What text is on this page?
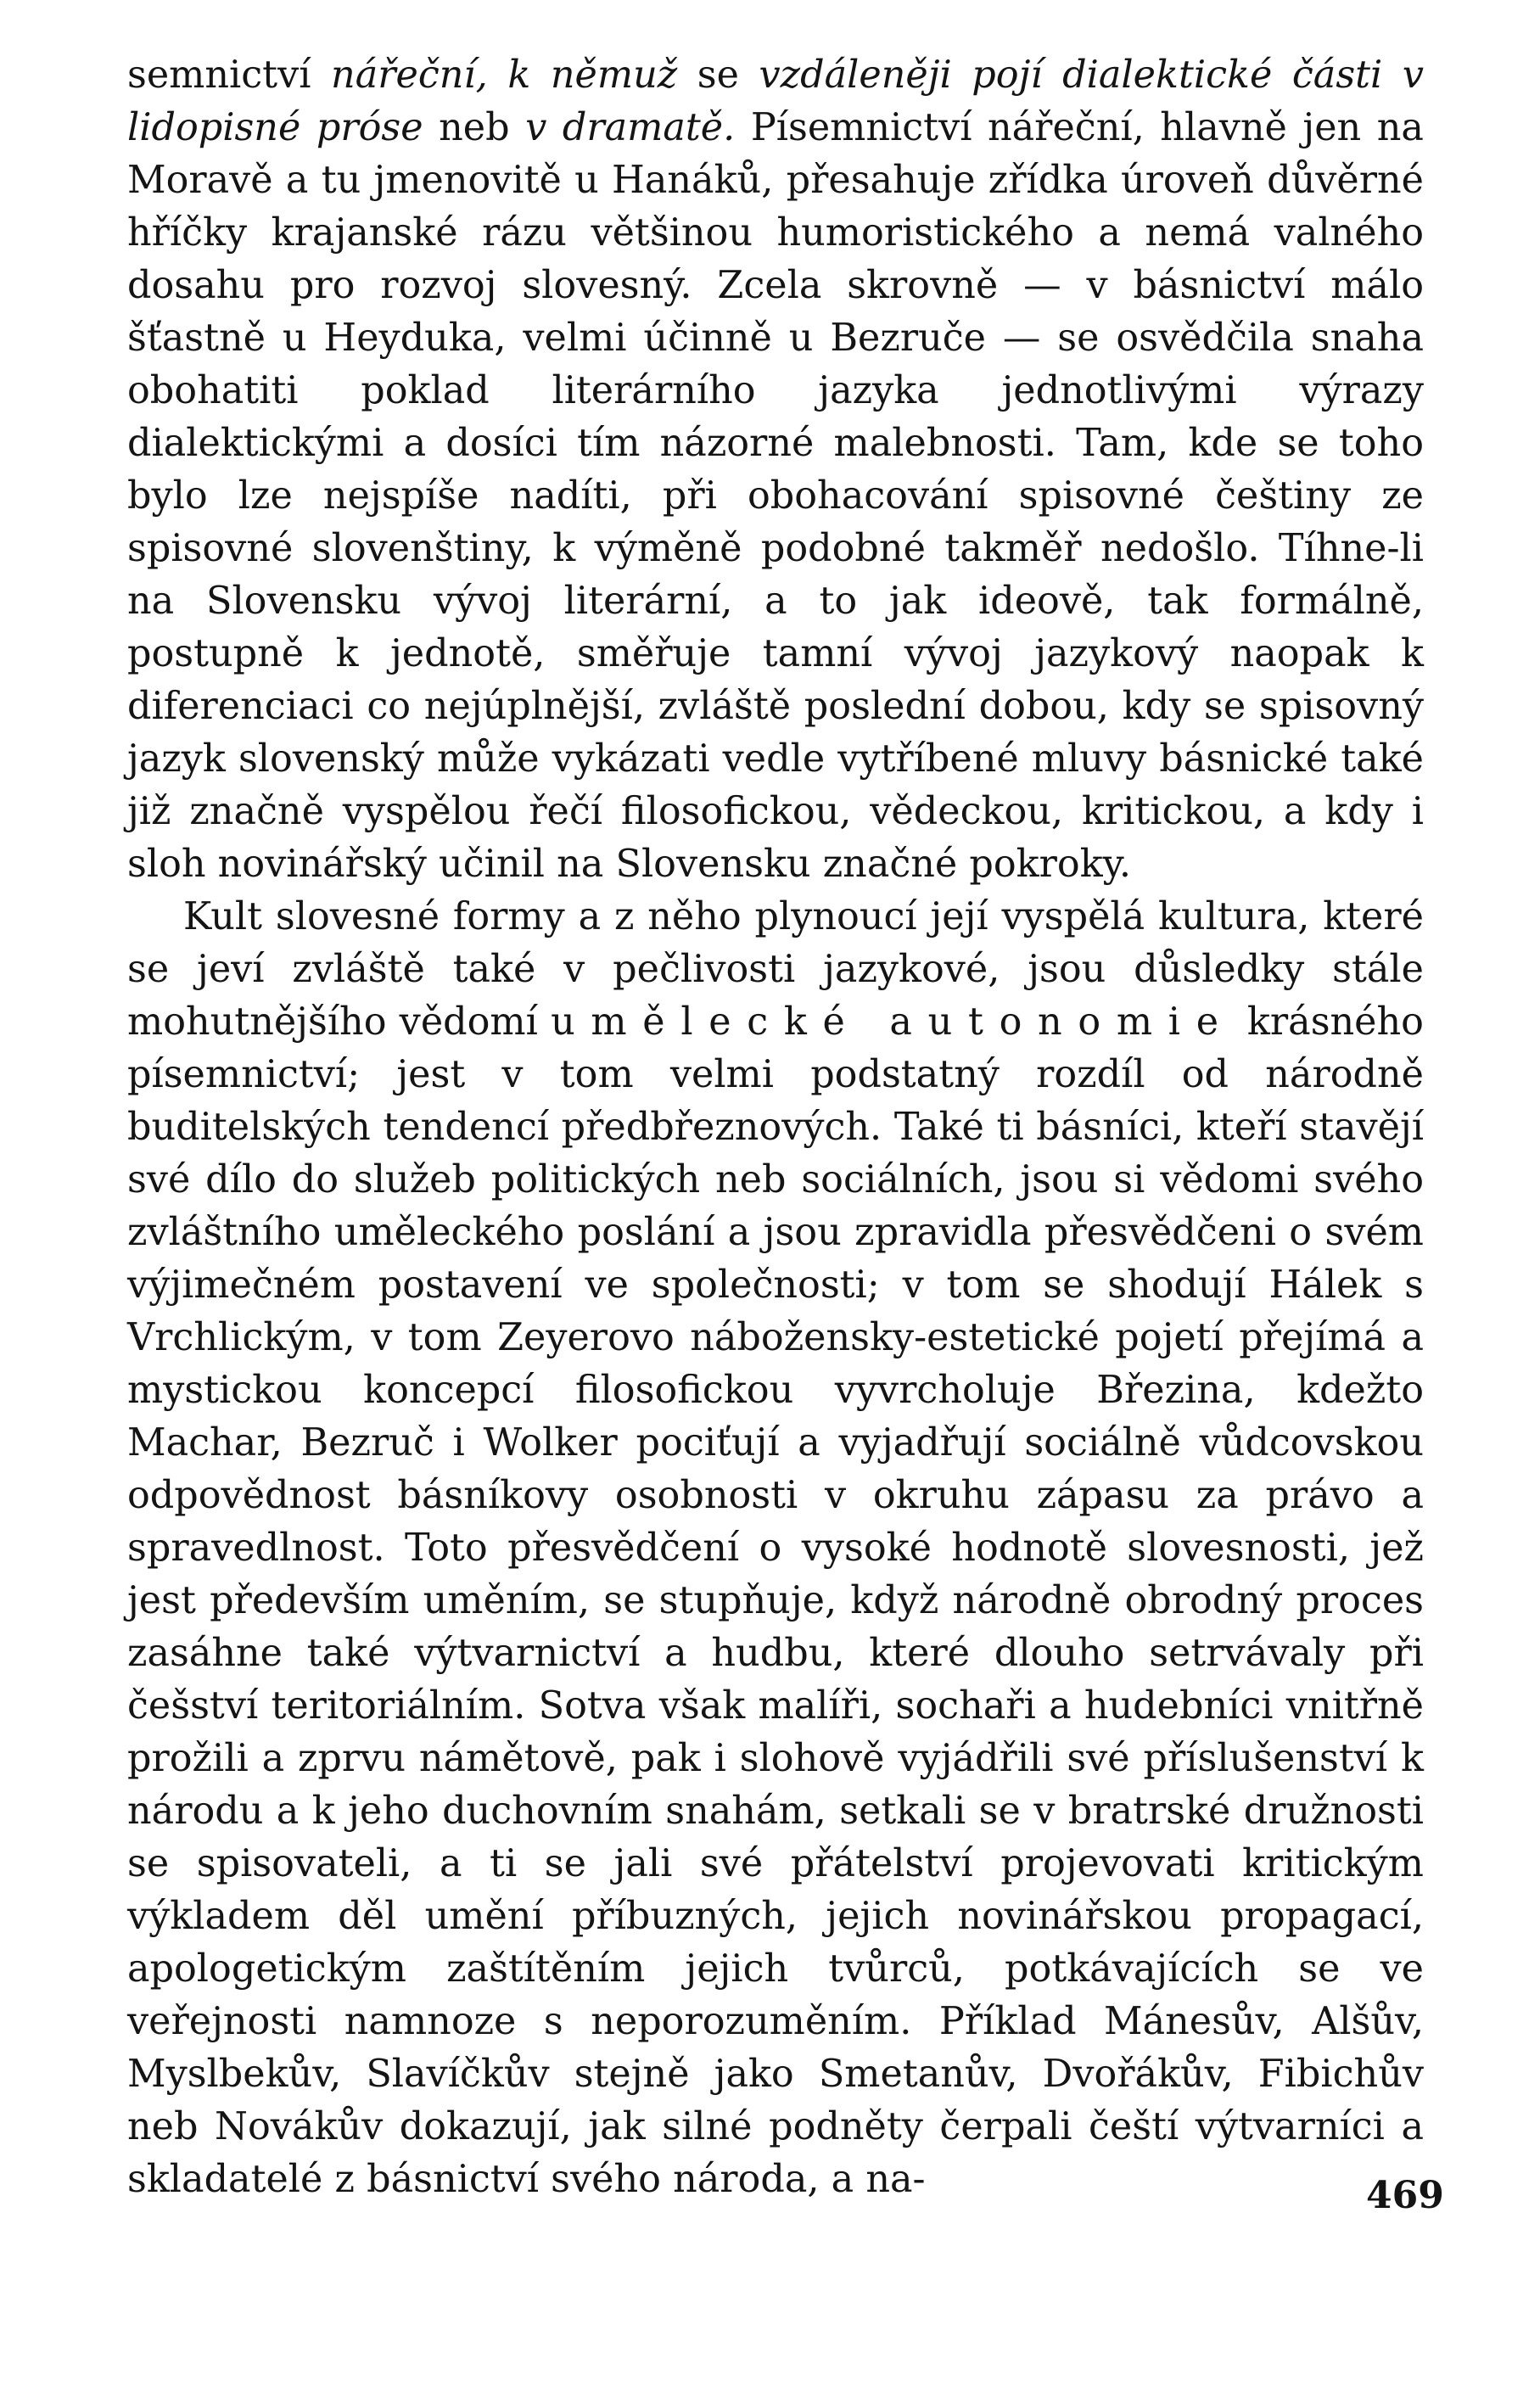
semnictví nářeční, k němuž se vzdáleněji pojí dialektické části v lidopisné próse neb v dramatě. Písemnictví nářeční, hlavně jen na Moravě a tu jmenovitě u Hanáků, přesahuje zřídka úroveň důvěrné hříčky krajanské rázu většinou humoristického a nemá valného dosahu pro rozvoj slovesný. Zcela skrovně — v básnictví málo šťastně u Heyduka, velmi účinně u Bezruče — se osvědčila snaha obohatiti poklad literárního jazyka jednotlivými výrazy dialektickými a dosíci tím názorné malebnosti. Tam, kde se toho bylo lze nejspíše nadíti, při obohacování spisovné češtiny ze spisovné slovenštiny, k výměně podobné takměř nedošlo. Tíhne-li na Slovensku vývoj literární, a to jak ideově, tak formálně, postupně k jednotě, směřuje tamní vývoj jazykový naopak k diferenciaci co nejúplnější, zvláště poslední dobou, kdy se spisovný jazyk slovenský může vykázati vedle vytříbené mluvy básnické také již značně vyspělou řečí filosofickou, vědeckou, kritickou, a kdy i sloh novinářský učinil na Slovensku značné pokroky.

Kult slovesné formy a z něho plynoucí její vyspělá kultura, které se jeví zvláště také v pečlivosti jazykové, jsou důsledky stále mohutnějšího vědomí umělecké autonomie krásného písemnictví; jest v tom velmi podstatný rozdíl od národně buditelských tendencí předbřeznových. Také ti básníci, kteří stavějí své dílo do služeb politických neb sociálních, jsou si vědomi svého zvláštního uměleckého poslání a jsou zpravidla přesvědčeni o svém výjimečném postavení ve společnosti; v tom se shodují Hálek s Vrchlickým, v tom Zeyerovo nábožensky-estetické pojetí přejímá a mystickou koncepcí filosofickou vyvrcholuje Březina, kdežto Machar, Bezruč i Wolker pociťují a vyjadřují sociálně vůdcovskou odpovědnost básníkovy osobnosti v okruhu zápasu za právo a spravedlnost. Toto přesvědčení o vysoké hodnotě slovesnosti, jež jest především uměním, se stupňuje, když národně obrodný proces zasáhne také výtvarnictví a hudbu, které dlouho setrvávaly při češství teritoriálním. Sotva však malíři, sochaři a hudebníci vnitřně prožili a zprvu námětově, pak i slohově vyjádřili své příslušenství k národu a k jeho duchovním snahám, setkali se v bratrské družnosti se spisovateli, a ti se jali své přátelství projevovati kritickým výkladem děl umění příbuzných, jejich novinářskou propagací, apologetickým zaštítěním jejich tvůrců, potkávajících se ve veřejnosti namnoze s neporozuměním. Příklad Mánesův, Alšův, Myslbekův, Slavíčkův stejně jako Smetanův, Dvořákův, Fibichův neb Novákův dokazují, jak silné podněty čerpali čeští výtvarníci a skladatelé z básnictví svého národa, a na-	469
